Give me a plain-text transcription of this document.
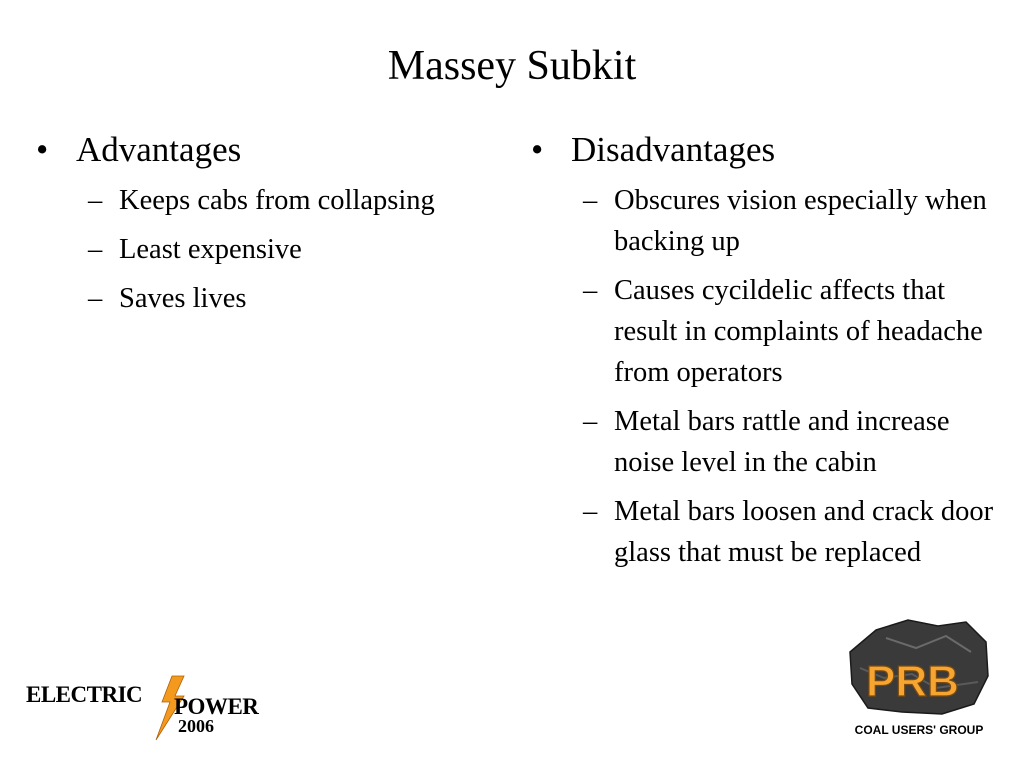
Massey Subkit
• Advantages
– Keeps cabs from collapsing
– Least expensive
– Saves lives
• Disadvantages
– Obscures vision especially when backing up
– Causes cycildelic affects that result in complaints of headache from operators
– Metal bars rattle and increase noise level in the cabin
– Metal bars loosen and crack door glass that must be replaced
ELECTRIC POWER
2006
PRB
COAL USERS' GROUP
